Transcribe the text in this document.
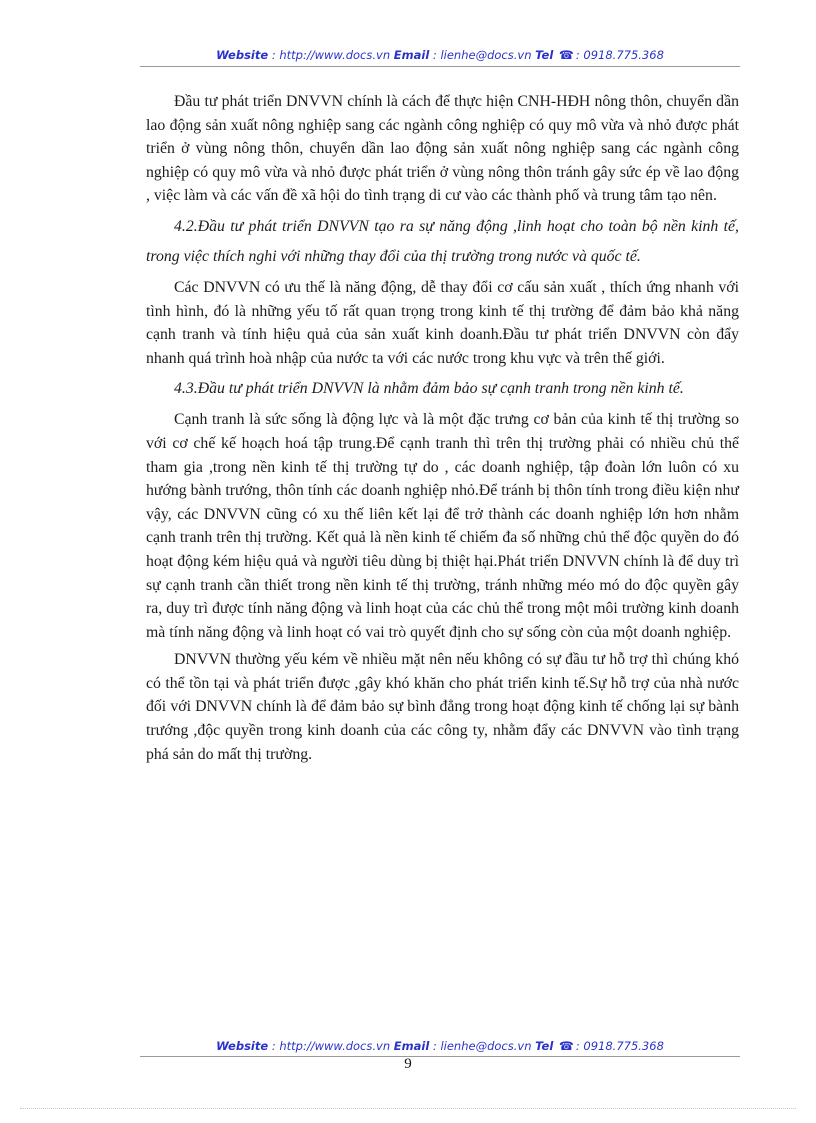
Website : http://www.docs.vn Email : lienhe@docs.vn Tel ☎ : 0918.775.368

Đầu tư phát triển DNVVN chính là cách để thực hiện CNH-HĐH nông thôn, chuyển dần lao động sản xuất nông nghiệp sang các ngành công nghiệp có quy mô vừa và nhỏ được phát triển ở vùng nông thôn, chuyển dần lao động sản xuất nông nghiệp sang các ngành công nghiệp có quy mô vừa và nhỏ được phát triển ở vùng nông thôn tránh gây sức ép về lao động , việc làm và các vấn đề xã hội do tình trạng di cư vào các thành phố và trung tâm tạo nên.

4.2.Đầu tư phát triển DNVVN tạo ra sự năng động ,linh hoạt cho toàn bộ nền kinh tế, trong việc thích nghi với những thay đổi của thị trường trong nước và quốc tế.

Các DNVVN có ưu thế là năng động, dễ thay đổi cơ cấu sản xuất , thích ứng nhanh với tình hình, đó là những yếu tố rất quan trọng trong kinh tế thị trường để đảm bảo khả năng cạnh tranh và tính hiệu quả của sản xuất kinh doanh.Đầu tư phát triển DNVVN còn đẩy nhanh quá trình hoà nhập của nước ta với các nước trong khu vực và trên thế giới.

4.3.Đầu tư phát triển DNVVN là nhằm đảm bảo sự cạnh tranh trong nền kinh tế.

Cạnh tranh là sức sống là động lực và là một đặc trưng cơ bản của kinh tế thị trường so với cơ chế kế hoạch hoá tập trung.Để cạnh tranh thì trên thị trường phải có nhiều chủ thể tham gia ,trong nền kinh tế thị trường tự do , các doanh nghiệp, tập đoàn lớn luôn có xu hướng bành trướng, thôn tính các doanh nghiệp nhỏ.Để tránh bị thôn tính trong điều kiện như vậy, các DNVVN cũng có xu thế liên kết lại để trở thành các doanh nghiệp lớn hơn nhằm cạnh tranh trên thị trường. Kết quả là nền kinh tế chiếm đa số những chủ thể độc quyền do đó hoạt động kém hiệu quả và người tiêu dùng bị thiệt hại.Phát triển DNVVN chính là để duy trì sự cạnh tranh cần thiết trong nền kinh tế thị trường, tránh những méo mó do độc quyền gây ra, duy trì được tính năng động và linh hoạt của các chủ thể trong một môi trường kinh doanh mà tính năng động và linh hoạt có vai trò quyết định cho sự sống còn của một doanh nghiệp.

DNVVN thường yếu kém về nhiều mặt nên nếu không có sự đầu tư hỗ trợ thì chúng khó có thể tồn tại và phát triển được ,gây khó khăn cho phát triển kinh tế.Sự hỗ trợ của nhà nước đối với DNVVN chính là để đảm bảo sự bình đẳng trong hoạt động kinh tế chống lại sự bành trướng ,độc quyền trong kinh doanh của các công ty, nhằm đẩy các DNVVN vào tình trạng phá sản do mất thị trường.

Website : http://www.docs.vn Email : lienhe@docs.vn Tel ☎ : 0918.775.368
9
